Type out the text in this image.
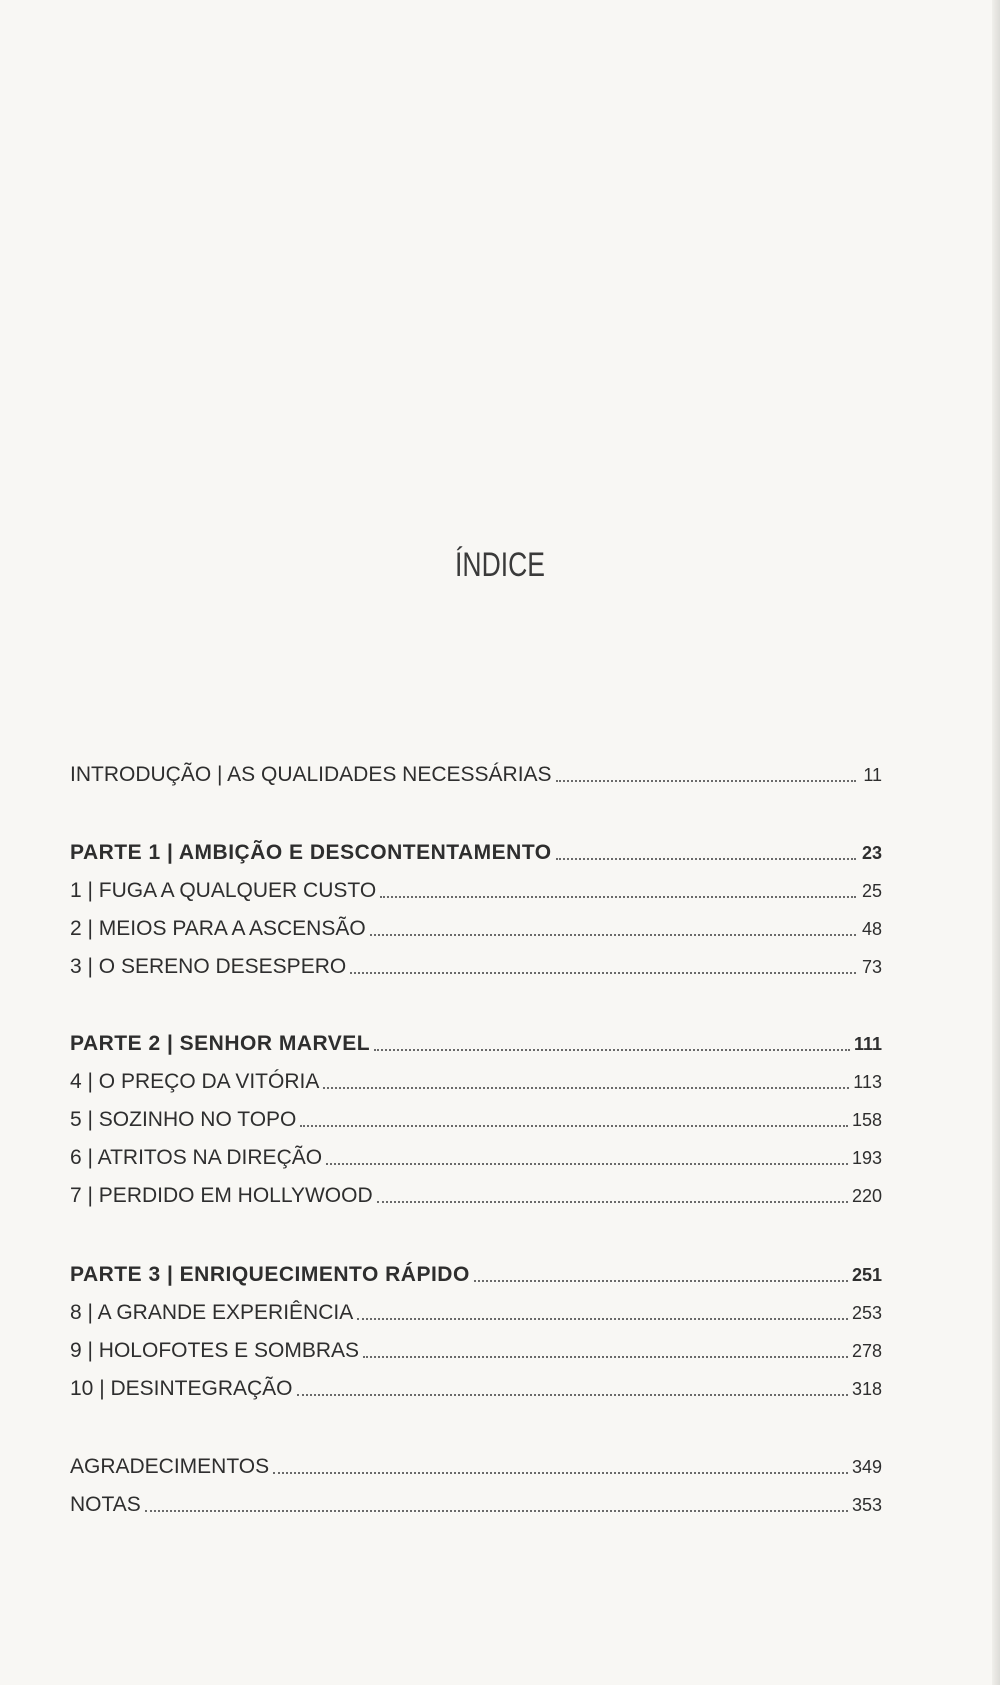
ÍNDICE
INTRODUÇÃO | AS QUALIDADES NECESSÁRIAS	11
PARTE 1 | AMBIÇÃO E DESCONTENTAMENTO	23
1 | FUGA A QUALQUER CUSTO	25
2 | MEIOS PARA A ASCENSÃO	48
3 | O SERENO DESESPERO	73
PARTE 2 | SENHOR MARVEL	111
4 | O PREÇO DA VITÓRIA	113
5 | SOZINHO NO TOPO	158
6 | ATRITOS NA DIREÇÃO	193
7 | PERDIDO EM HOLLYWOOD	220
PARTE 3 | ENRIQUECIMENTO RÁPIDO	251
8 | A GRANDE EXPERIÊNCIA	253
9 | HOLOFOTES E SOMBRAS	278
10 | DESINTEGRAÇÃO	318
AGRADECIMENTOS	349
NOTAS	353
